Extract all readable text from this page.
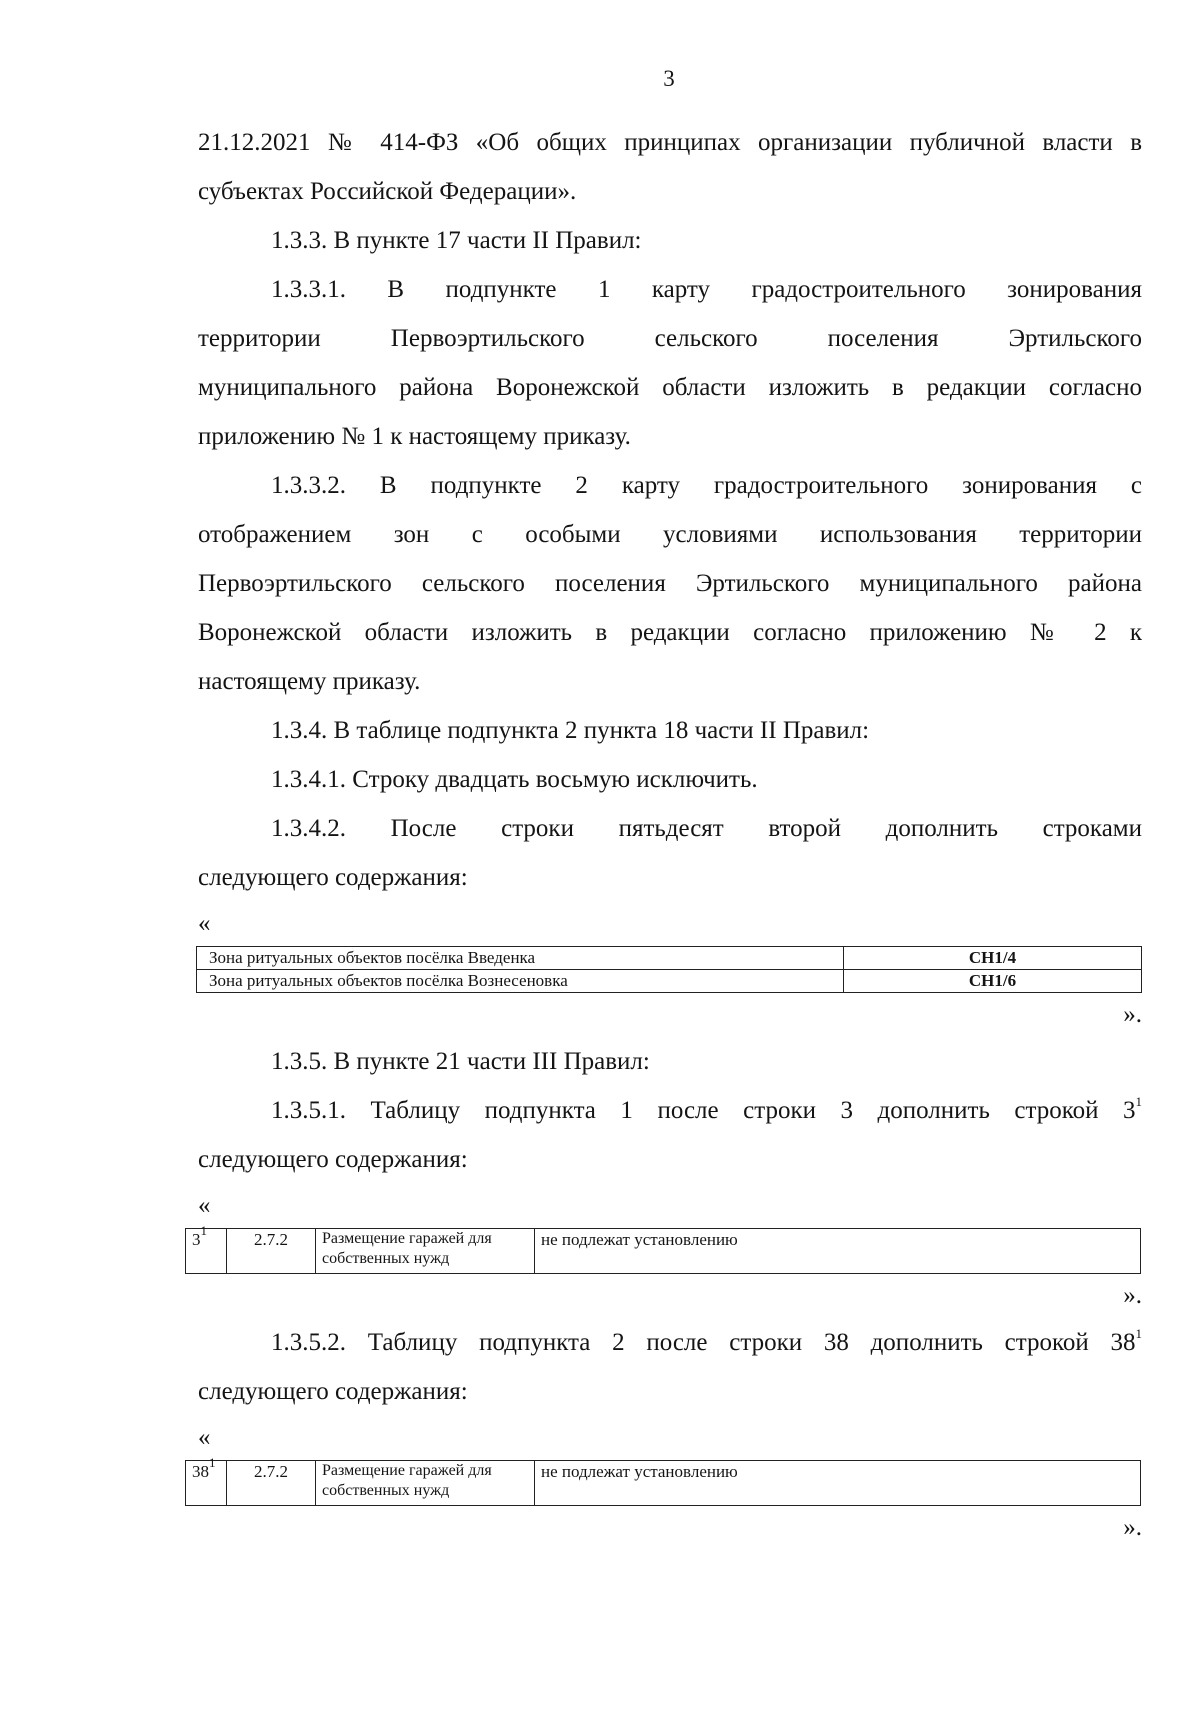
3
21.12.2021 № 414-ФЗ «Об общих принципах организации публичной власти в
субъектах Российской Федерации».
1.3.3. В пункте 17 части II Правил:
1.3.3.1. В подпункте 1 карту градостроительного зонирования
территории Первоэртильского сельского поселения Эртильского
муниципального района Воронежской области изложить в редакции согласно
приложению № 1 к настоящему приказу.
1.3.3.2. В подпункте 2 карту градостроительного зонирования с
отображением зон с особыми условиями использования территории
Первоэртильского сельского поселения Эртильского муниципального района
Воронежской области изложить в редакции согласно приложению № 2 к
настоящему приказу.
1.3.4. В таблице подпункта 2 пункта 18 части II Правил:
1.3.4.1. Строку двадцать восьмую исключить.
1.3.4.2. После строки пятьдесят второй дополнить строками
следующего содержания:
«
Зона ритуальных объектов посёлка Введенка	СН1/4
Зона ритуальных объектов посёлка Вознесеновка	СН1/6
».
1.3.5. В пункте 21 части III Правил:
1.3.5.1. Таблицу подпункта 1 после строки 3 дополнить строкой $3^1$
следующего содержания:
«
$3^1$	2.7.2	Размещение гаражей для собственных нужд	не подлежат установлению
».
1.3.5.2. Таблицу подпункта 2 после строки 38 дополнить строкой $38^1$
следующего содержания:
«
$38^1$	2.7.2	Размещение гаражей для собственных нужд	не подлежат установлению
».
